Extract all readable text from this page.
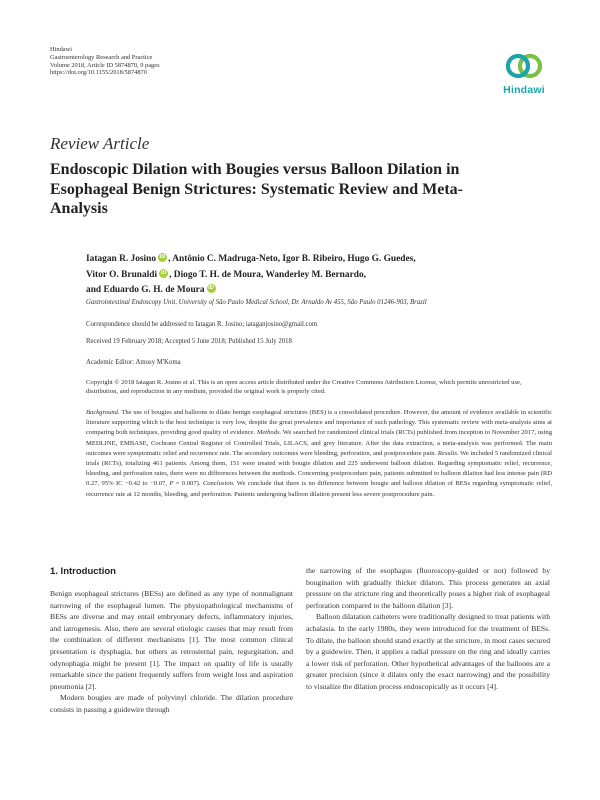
Hindawi
Gastroenterology Research and Practice
Volume 2018, Article ID 5874870, 9 pages
https://doi.org/10.1155/2018/5874870
Hindawi
Review Article
Endoscopic Dilation with Bougies versus Balloon Dilation in Esophageal Benign Strictures: Systematic Review and Meta-Analysis
Iatagan R. Josino iD , Antônio C. Madruga-Neto, Igor B. Ribeiro, Hugo G. Guedes,
Vitor O. Brunaldi iD , Diogo T. H. de Moura, Wanderley M. Bernardo,
and Eduardo G. H. de Moura iD
Gastrointestinal Endoscopy Unit, University of São Paulo Medical School, Dr. Arnaldo Av 455, São Paulo 01246-903, Brazil
Correspondence should be addressed to Iatagan R. Josino; iataganjosino@gmail.com
Received 19 February 2018; Accepted 5 June 2018; Published 15 July 2018
Academic Editor: Amosy M'Koma
Copyright © 2018 Iatagan R. Josino et al. This is an open access article distributed under the Creative Commons Attribution License, which permits unrestricted use, distribution, and reproduction in any medium, provided the original work is properly cited.
Background. The use of bougies and balloons to dilate benign esophageal strictures (BES) is a consolidated procedure. However, the amount of evidence available in scientific literature supporting which is the best technique is very low, despite the great prevalence and importance of such pathology. This systematic review with meta-analysis aims at comparing both techniques, providing good quality of evidence. Methods. We searched for randomized clinical trials (RCTs) published from inception to November 2017, using MEDLINE, EMBASE, Cochrane Central Register of Controlled Trials, LILACS, and grey literature. After the data extraction, a meta-analysis was performed. The main outcomes were symptomatic relief and recurrence rate. The secondary outcomes were bleeding, perforation, and postprocedure pain. Results. We included 5 randomized clinical trials (RCTs), totalizing 461 patients. Among them, 151 were treated with bougie dilation and 225 underwent balloon dilation. Regarding symptomatic relief, recurrence, bleeding, and perforation rates, there were no differences between the methods. Concerning postprocedure pain, patients submitted to balloon dilation had less intense pain (RD 0.27, 95% IC −0.42 to −0.07, P = 0.007). Conclusion. We conclude that there is no difference between bougie and balloon dilation of BESs regarding symptomatic relief, recurrence rate at 12 months, bleeding, and perforation. Patients undergoing balloon dilation present less severe postprocedure pain.
1. Introduction

Benign esophageal strictures (BESs) are defined as any type of nonmalignant narrowing of the esophageal lumen. The physiopathological mechanisms of BESs are diverse and may entail embryonary defects, inflammatory injuries, and iatrogenesis. Also, there are several etiologic causes that may result from the combination of different mechanisms [1]. The most common clinical presentation is dysphagia, but others as retrosternal pain, regurgitation, and odynophagia might be present [1]. The impact on quality of life is usually remarkable since the patient frequently suffers from weight loss and aspiration pneumonia [2].

Modern bougies are made of polyvinyl chloride. The dilation procedure consists in passing a guidewire through

the narrowing of the esophagus (fluoroscopy-guided or not) followed by bougination with gradually thicker dilators. This process generates an axial pressure on the stricture ring and theoretically poses a higher risk of esophageal perforation compared to the balloon dilation [3].

Balloon dilatation catheters were traditionally designed to treat patients with achalasia. In the early 1980s, they were introduced for the treatment of BESs. To dilate, the balloon should stand exactly at the stricture, in most cases secured by a guidewire. Then, it applies a radial pressure on the ring and ideally carries a lower risk of perforation. Other hypothetical advantages of the balloons are a greater precision (since it dilates only the exact narrowing) and the possibility to visualize the dilation process endoscopically as it occurs [4].
